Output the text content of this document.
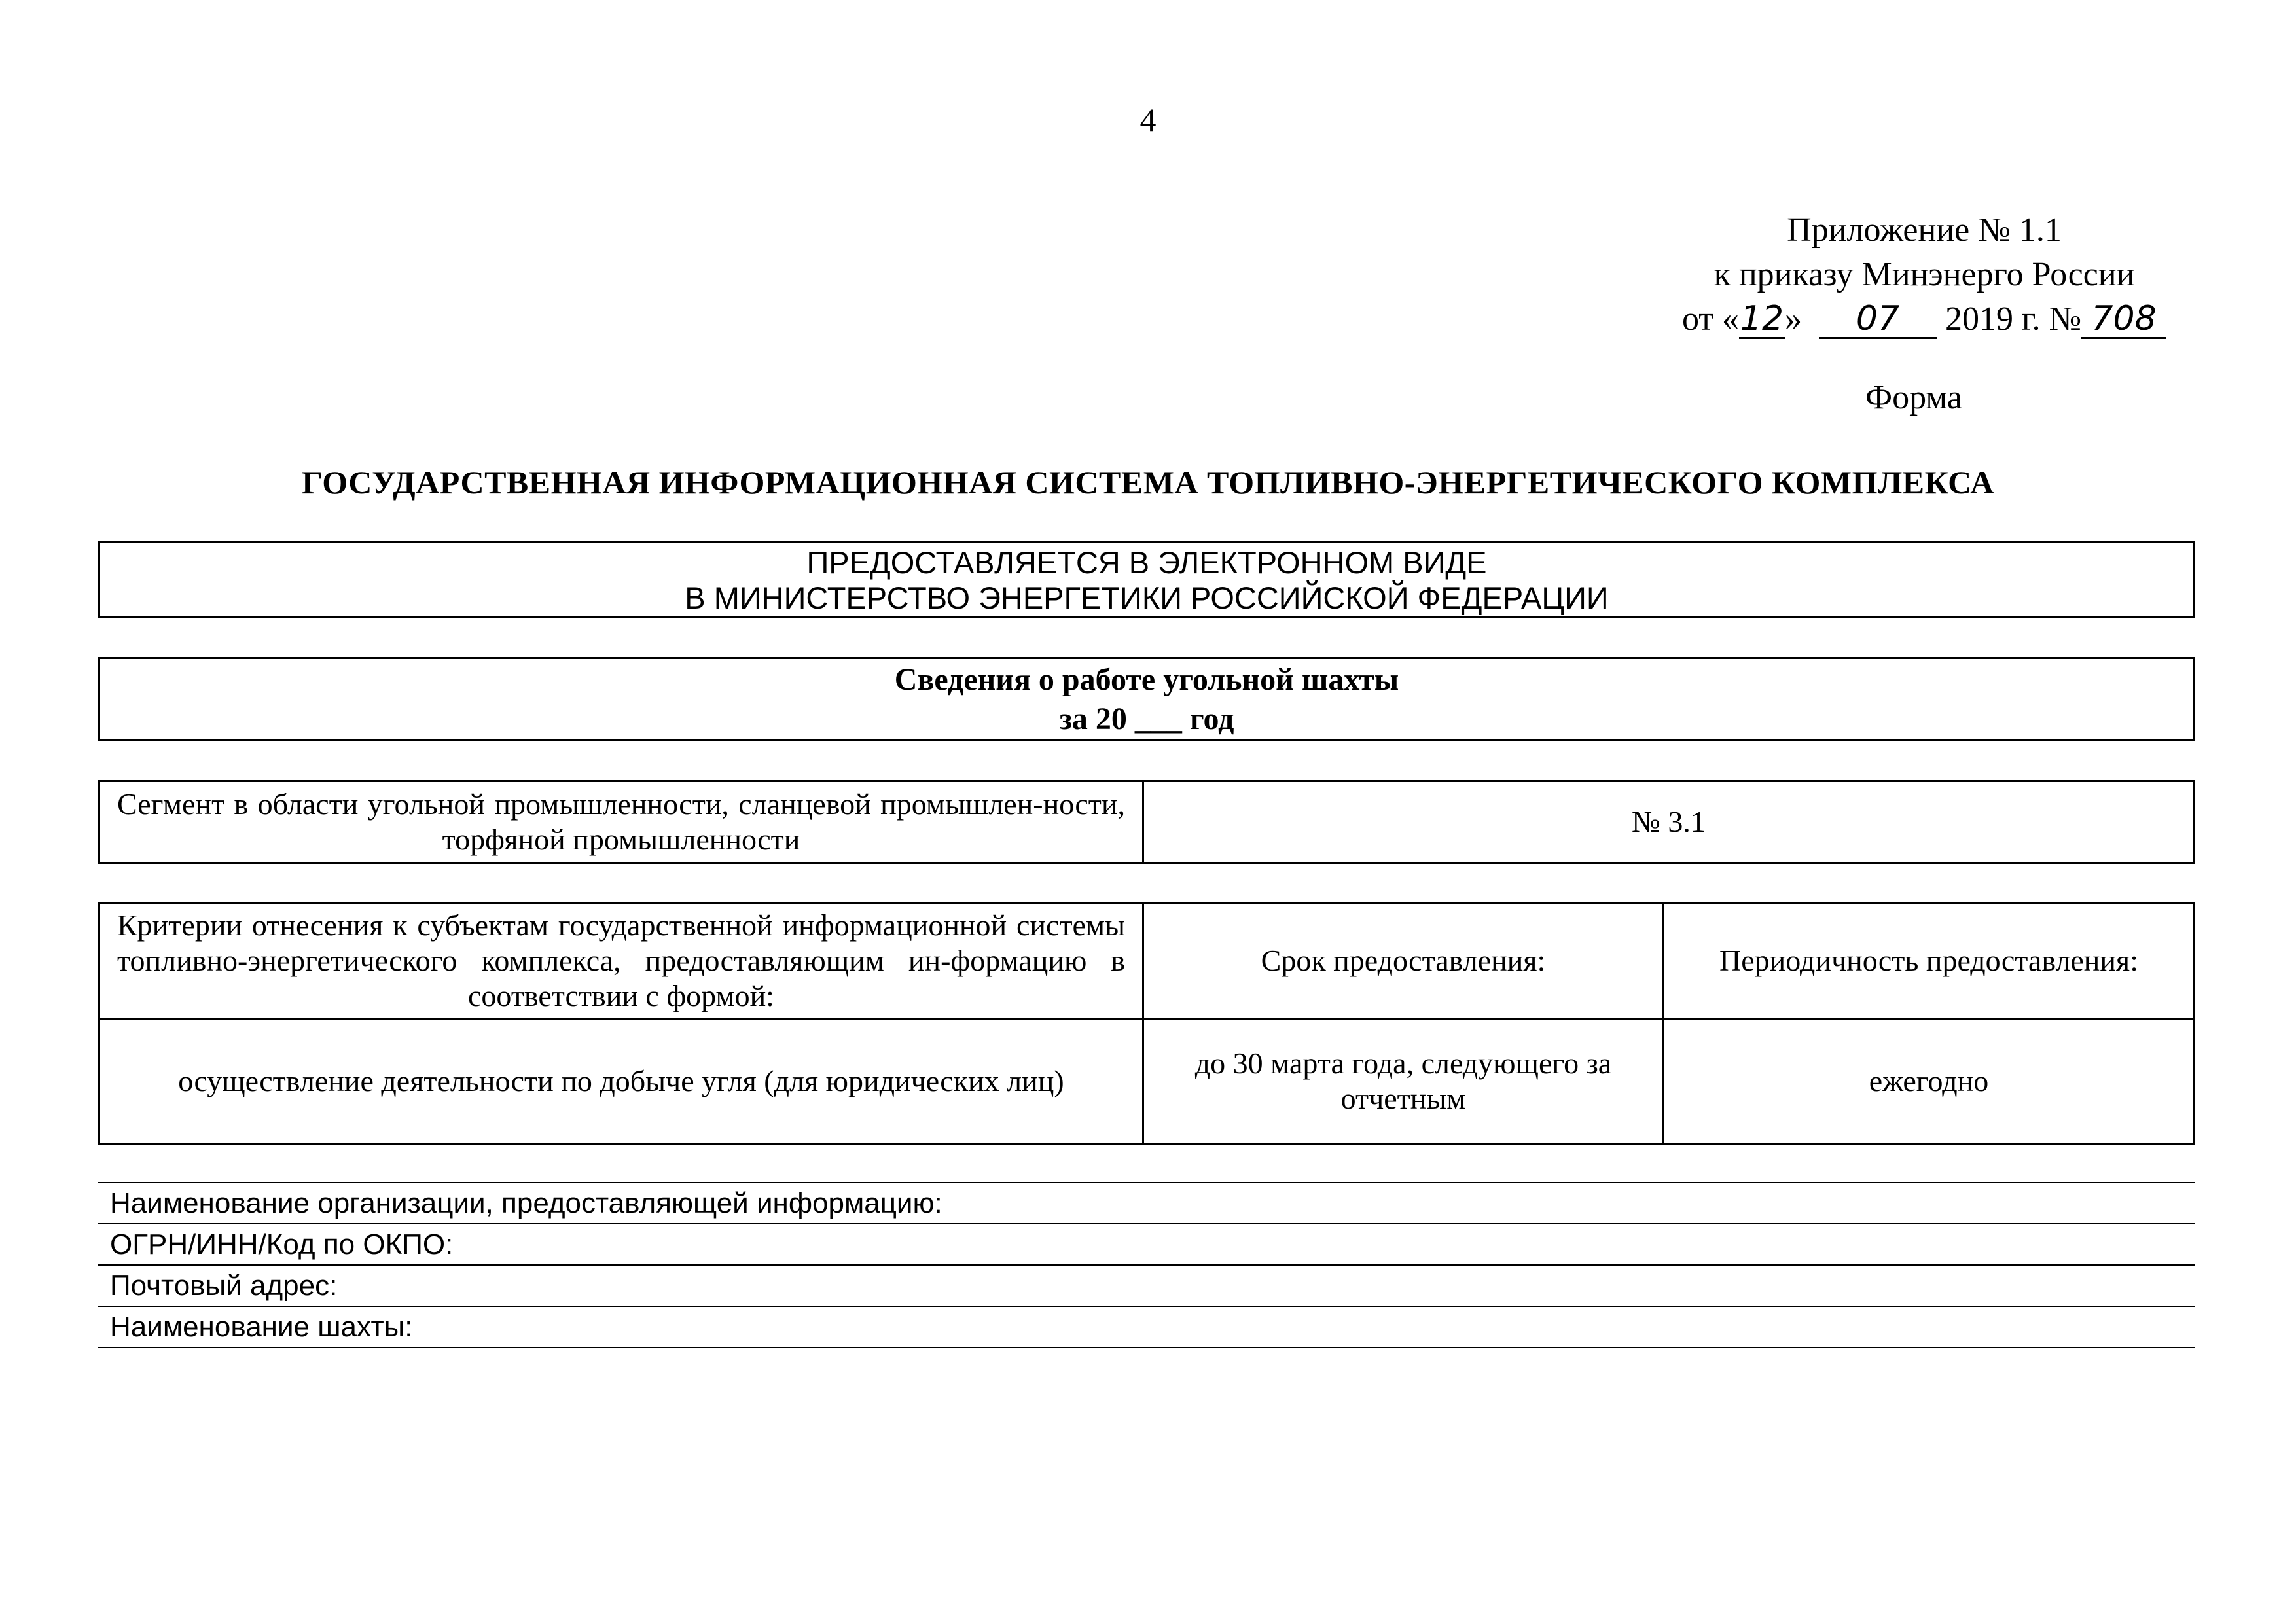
4
Приложение № 1.1
к приказу Минэнерго России
от «12» 07 2019 г. № 708
Форма
ГОСУДАРСТВЕННАЯ ИНФОРМАЦИОННАЯ СИСТЕМА ТОПЛИВНО-ЭНЕРГЕТИЧЕСКОГО КОМПЛЕКСА
ПРЕДОСТАВЛЯЕТСЯ В ЭЛЕКТРОННОМ ВИДЕ
В МИНИСТЕРСТВО ЭНЕРГЕТИКИ РОССИЙСКОЙ ФЕДЕРАЦИИ
Сведения о работе угольной шахты
за 20 ___ год
Сегмент в области угольной промышленности, сланцевой промышлен-ности, торфяной промышленности	№ 3.1
Критерии отнесения к субъектам государственной информационной системы топливно-энергетического комплекса, предоставляющим ин-формацию в соответствии с формой:	Срок предоставления:	Периодичность предоставления:
осуществление деятельности по добыче угля (для юридических лиц)	до 30 марта года, следующего за отчетным	ежегодно
Наименование организации, предоставляющей информацию:
ОГРН/ИНН/Код по ОКПО:
Почтовый адрес:
Наименование шахты:
